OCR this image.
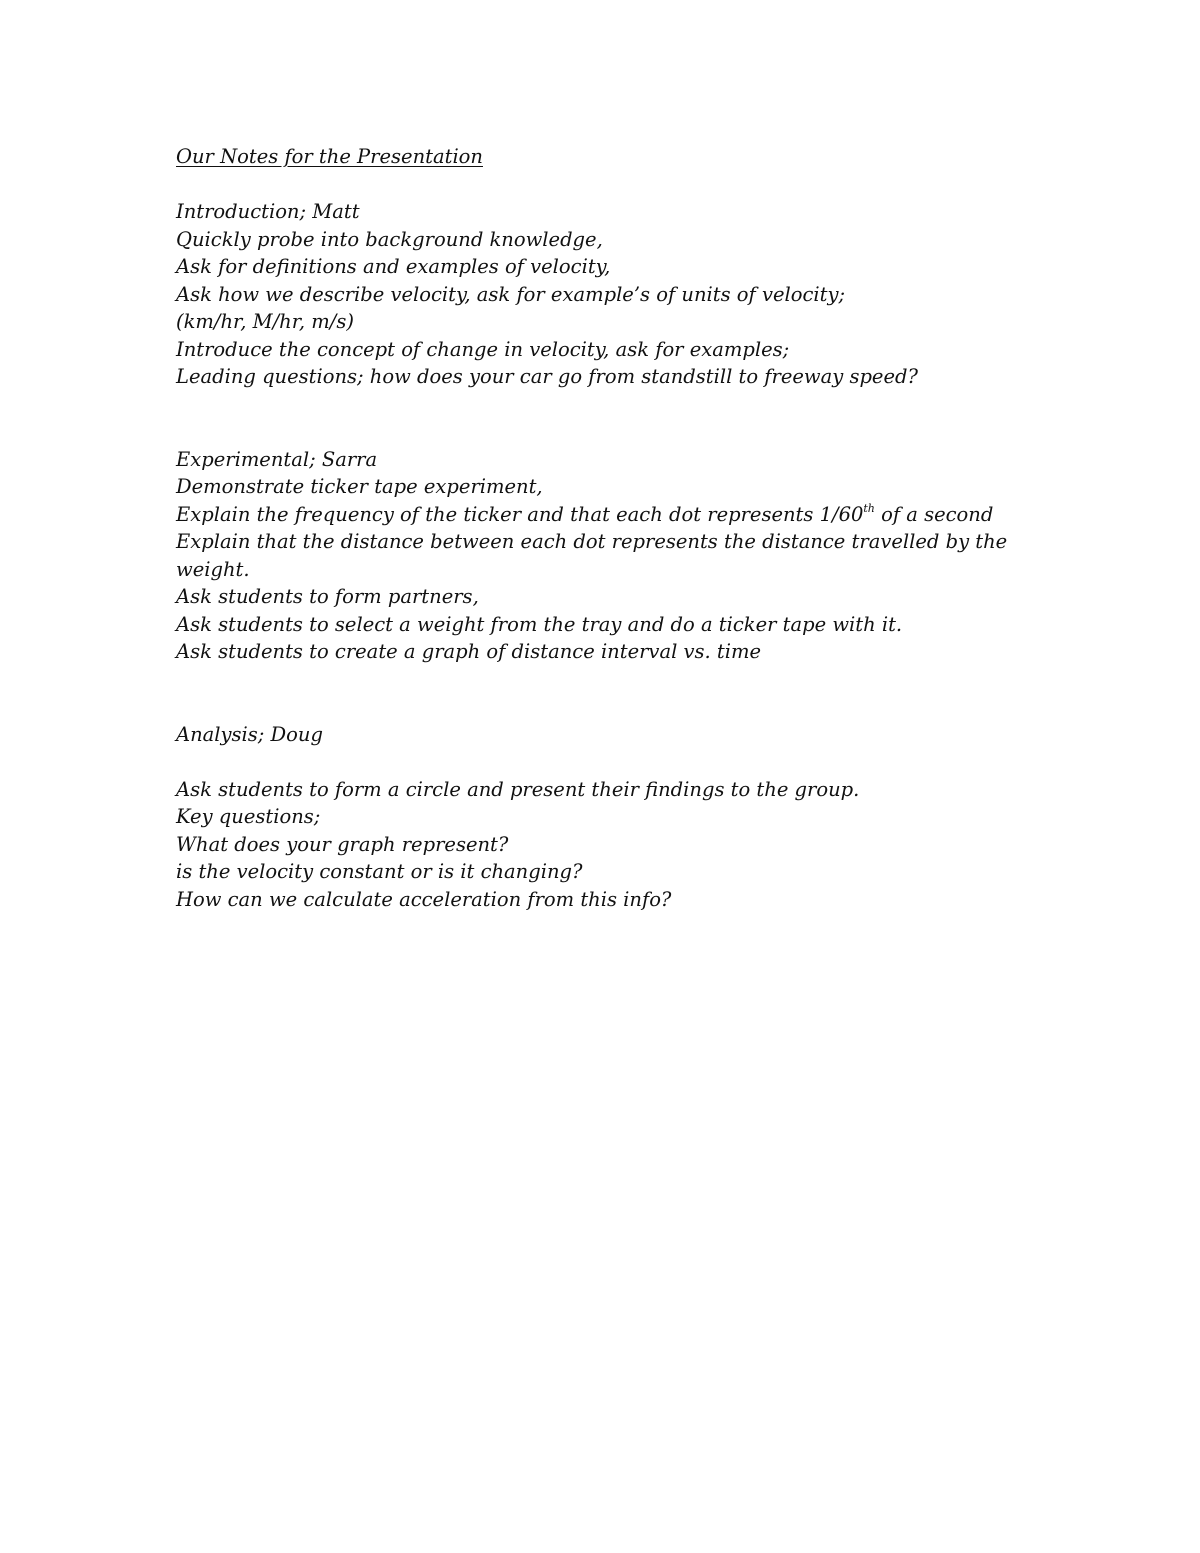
Our Notes for the Presentation
Introduction; Matt
Quickly probe into background knowledge,
Ask for definitions and examples of velocity,
Ask how we describe velocity, ask for example’s of units of velocity;
(km/hr, M/hr, m/s)
Introduce the concept of change in velocity, ask for examples;
Leading questions; how does your car go from standstill to freeway speed?
Experimental; Sarra
Demonstrate ticker tape experiment,
Explain the frequency of the ticker and that each dot represents 1/60th of a second
Explain that the distance between each dot represents the distance travelled by the
weight.
Ask students to form partners,
Ask students to select a weight from the tray and do a ticker tape with it.
Ask students to create a graph of distance interval vs. time
Analysis; Doug
Ask students to form a circle and present their findings to the group.
Key questions;
What does your graph represent?
is the velocity constant or is it changing?
How can we calculate acceleration from this info?
